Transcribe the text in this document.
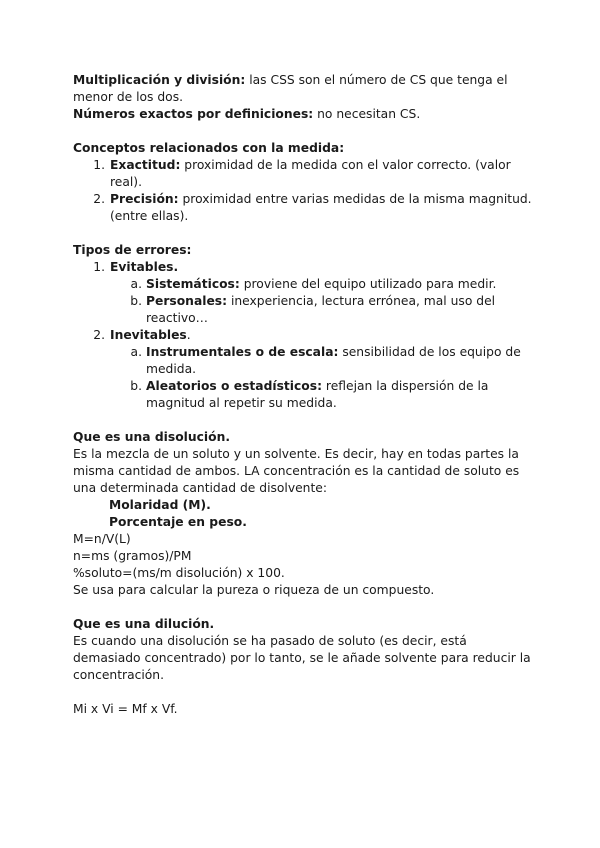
Multiplicación y división: las CSS son el número de CS que tenga el menor de los dos.

Números exactos por definiciones: no necesitan CS.

Conceptos relacionados con la medida:

1. Exactitud: proximidad de la medida con el valor correcto. (valor real).
2. Precisión: proximidad entre varias medidas de la misma magnitud. (entre ellas).

Tipos de errores:

1. Evitables.
a. Sistemáticos: proviene del equipo utilizado para medir.
b. Personales: inexperiencia, lectura errónea, mal uso del reactivo…
2. Inevitables.
a. Instrumentales o de escala: sensibilidad de los equipo de medida.
b. Aleatorios o estadísticos: reflejan la dispersión de la magnitud al repetir su medida.

Que es una disolución.

Es la mezcla de un soluto y un solvente. Es decir, hay en todas partes la misma cantidad de ambos. LA concentración es la cantidad de soluto es una determinada cantidad de disolvente:

Molaridad (M).

Porcentaje en peso.

M=n/V(L)

n=ms (gramos)/PM

%soluto=(ms/m disolución) x 100.

Se usa para calcular la pureza o riqueza de un compuesto.

Que es una dilución.

Es cuando una disolución se ha pasado de soluto (es decir, está demasiado concentrado) por lo tanto, se le añade solvente para reducir la concentración.

Mi x Vi = Mf x Vf.
